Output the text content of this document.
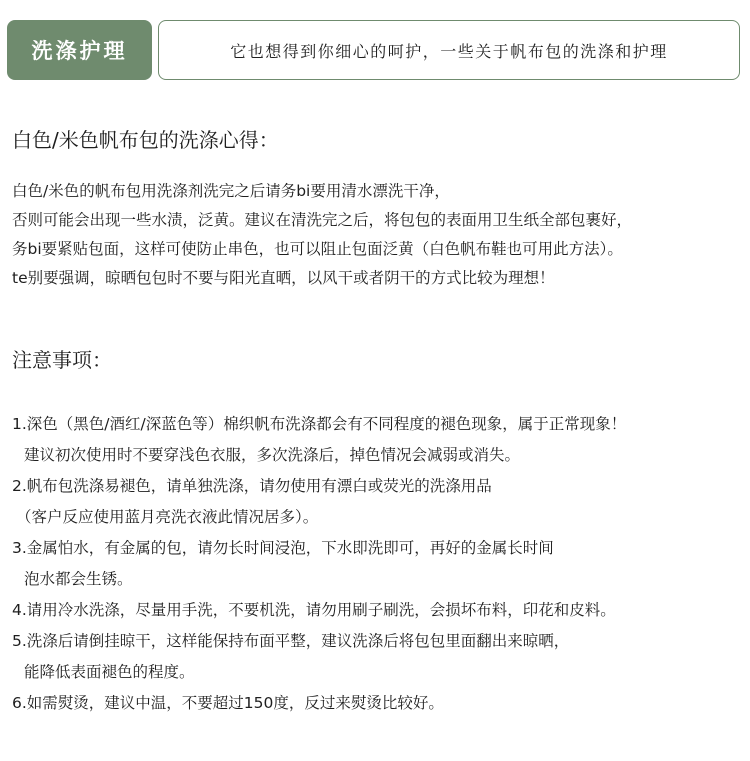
洗涤护理	它也想得到你细心的呵护，一些关于帆布包的洗涤和护理
白色/米色帆布包的洗涤心得：
白色/米色的帆布包用洗涤剂洗完之后请务bi要用清水漂洗干净，
否则可能会出现一些水渍，泛黄。建议在清洗完之后，将包包的表面用卫生纸全部包裹好，
务bi要紧贴包面，这样可使防止串色，也可以阻止包面泛黄（白色帆布鞋也可用此方法）。
te别要强调，晾晒包包时不要与阳光直晒，以风干或者阴干的方式比较为理想！
注意事项：
1.深色（黑色/酒红/深蓝色等）棉织帆布洗涤都会有不同程度的褪色现象，属于正常现象！
建议初次使用时不要穿浅色衣服，多次洗涤后，掉色情况会减弱或消失。
2.帆布包洗涤易褪色，请单独洗涤，请勿使用有漂白或荧光的洗涤用品
（客户反应使用蓝月亮洗衣液此情况居多）。
3.金属怕水，有金属的包，请勿长时间浸泡，下水即洗即可，再好的金属长时间
泡水都会生锈。
4.请用冷水洗涤，尽量用手洗，不要机洗，请勿用刷子刷洗，会损坏布料，印花和皮料。
5.洗涤后请倒挂晾干，这样能保持布面平整，建议洗涤后将包包里面翻出来晾晒，
能降低表面褪色的程度。
6.如需熨烫，建议中温，不要超过150度，反过来熨烫比较好。
